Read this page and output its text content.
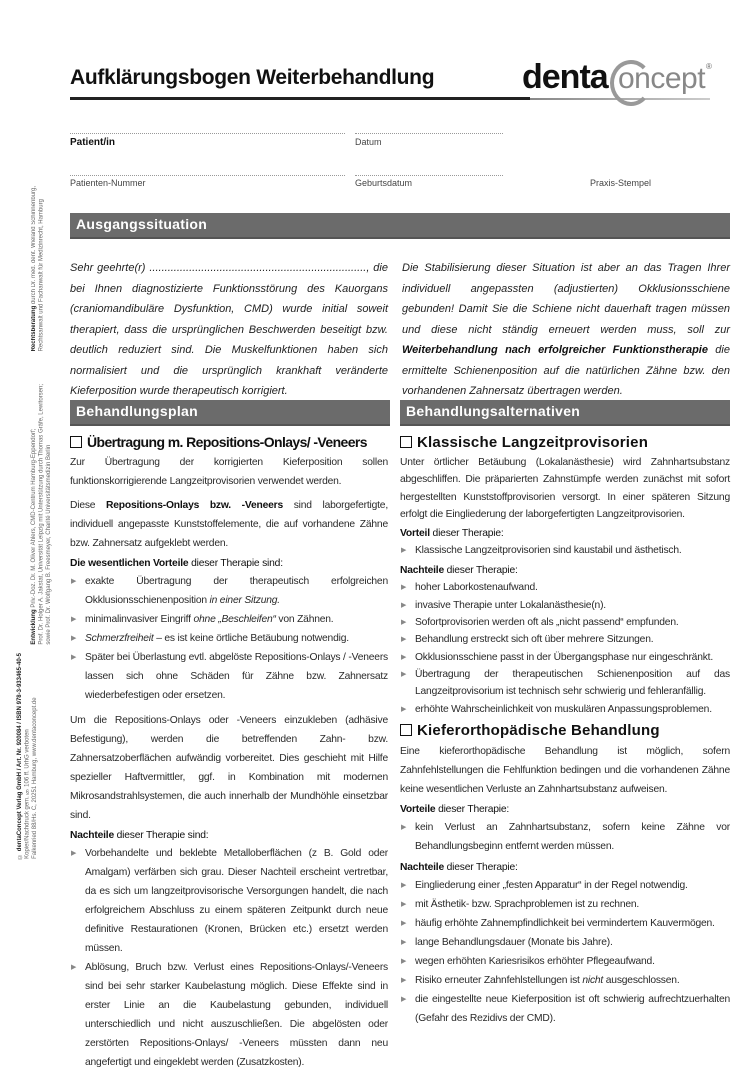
Aufklärungsbogen Weiterbehandlung	denta oncept ®
Patient/in	Datum
Patienten-Nummer	Geburtsdatum	Praxis-Stempel
Rechtsberatung durch Dr. med. dent. Wieland Schinnenburg, Rechtsanwalt und Fachanwalt für Medizinrecht, Hamburg
Entwicklung Priv.-Doz. Dr. M. Oliver Ahlers, CMD-Centrum Hamburg-Eppendorf; Prof. Dr. Holger A. Jakstat, Universität Leipzig mit Unterstützung durch Thomas Gräfe, Lewitorsen; sowie Prof. Dr. Wolfgang B. Freesmeyer, Charité Universitätsmedizin Berlin
© dentaConcept Verlag GmbH / Art. Nr. 920084 / ISBN 978-3-933465-40-5 Kopier/Nachdruck gem. § 106 ff. UrhG verboten Falkenried 88/Hs. C, 20251 Hamburg, www.dentaconcept.de
Ausgangssituation
Sehr geehrte(r) ......................................................................., die bei Ihnen diagnostizierte Funktionsstörung des Kauorgans (craniomandibuläre Dysfunktion, CMD) wurde initial soweit therapiert, dass die ursprünglichen Beschwerden beseitigt bzw. deutlich reduziert sind. Die Muskelfunktionen haben sich normalisiert und die ursprünglich krankhaft veränderte Kieferposition wurde therapeutisch korrigiert.
Die Stabilisierung dieser Situation ist aber an das Tragen Ihrer individuell angepassten (adjustierten) Okklusionsschiene gebunden! Damit Sie die Schiene nicht dauerhaft tragen müssen und diese nicht ständig erneuert werden muss, soll zur Weiterbehandlung nach erfolgreicher Funktionstherapie die ermittelte Schienenposition auf die natürlichen Zähne bzw. den vorhandenen Zahnersatz übertragen werden.
Behandlungsplan
Übertragung m. Repositions-Onlays/ -Veneers

Zur Übertragung der korrigierten Kieferposition sollen funktionskorrigierende Langzeitprovisorien verwendet werden.

Diese Repositions-Onlays bzw. -Veneers sind laborgefertigte, individuell angepasste Kunststoffelemente, die auf vorhandene Zähne bzw. Zahnersatz aufgeklebt werden.

Die wesentlichen Vorteile dieser Therapie sind:
▶ exakte Übertragung der therapeutisch erfolgreichen Okklusionsschienenposition in einer Sitzung.
▶ minimalinvasiver Eingriff ohne „Beschleifen“ von Zähnen.
▶ Schmerzfreiheit – es ist keine örtliche Betäubung notwendig.
▶ Später bei Überlastung evtl. abgelöste Repositions-Onlays / -Veneers lassen sich ohne Schäden für Zähne bzw. Zahnersatz wiederbefestigen oder ersetzen.

Um die Repositions-Onlays oder -Veneers einzukleben (adhäsive Befestigung), werden die betreffenden Zahn- bzw. Zahnersatzoberflächen aufwändig vorbereitet. Dies geschieht mit Hilfe spezieller Haftvermittler, ggf. in Kombination mit modernen Mikrosandstrahlsystemen, die auch innerhalb der Mundhöhle einsetzbar sind.

Nachteile dieser Therapie sind:
▶ Vorbehandelte und beklebte Metalloberflächen (z B. Gold oder Amalgam) verfärben sich grau. Dieser Nachteil erscheint vertretbar, da es sich um langzeitprovisorische Versorgungen handelt, die nach erfolgreichem Abschluss zu einem späteren Zeitpunkt durch neue definitive Restaurationen (Kronen, Brücken etc.) ersetzt werden müssen.
▶ Ablösung, Bruch bzw. Verlust eines Repositions-Onlays/-Veneers sind bei sehr starker Kaubelastung möglich. Diese Effekte sind in erster Linie an die Kaubelastung gebunden, individuell unterschiedlich und nicht auszuschließen. Die abgelösten oder zerstörten Repositions-Onlays/ -Veneers müssten dann neu angefertigt und eingeklebt werden (Zusatzkosten).
Behandlungsalternativen
Klassische Langzeitprovisorien

Unter örtlicher Betäubung (Lokalanästhesie) wird Zahnhartsubstanz abgeschliffen. Die präparierten Zahnstümpfe werden zunächst mit sofort hergestellten Kunststoffprovisorien versorgt. In einer späteren Sitzung erfolgt die Eingliederung der laborgefertigten Langzeitprovisorien.

Vorteil dieser Therapie:
▶ Klassische Langzeitprovisorien sind kaustabil und ästhetisch.
Nachteile dieser Therapie:
▶ hoher Laborkostenaufwand.
▶ invasive Therapie unter Lokalanästhesie(n).
▶ Sofortprovisorien werden oft als „nicht passend“ empfunden.
▶ Behandlung erstreckt sich oft über mehrere Sitzungen.
▶ Okklusionsschiene passt in der Übergangsphase nur eingeschränkt.
▶ Übertragung der therapeutischen Schienenposition auf das Langzeitprovisorium ist technisch sehr schwierig und fehleranfällig.
▶ erhöhte Wahrscheinlichkeit von muskulären Anpassungsproblemen.
Kieferorthopädische Behandlung

Eine kieferorthopädische Behandlung ist möglich, sofern Zahnfehlstellungen die Fehlfunktion bedingen und die vorhandenen Zähne keine wesentlichen Verluste an Zahnhartsubstanz aufweisen.

Vorteile dieser Therapie:
▶ kein Verlust an Zahnhartsubstanz, sofern keine Zähne vor Behandlungsbeginn entfernt werden müssen.
Nachteile dieser Therapie:
▶ Eingliederung einer „festen Apparatur“ in der Regel notwendig.
▶ mit Ästhetik- bzw. Sprachproblemen ist zu rechnen.
▶ häufig erhöhte Zahnempfindlichkeit bei vermindertem Kauvermögen.
▶ lange Behandlungsdauer (Monate bis Jahre).
▶ wegen erhöhten Kariesrisikos erhöhter Pflegeaufwand.
▶ Risiko erneuter Zahnfehlstellungen ist nicht ausgeschlossen.
▶ die eingestellte neue Kieferposition ist oft schwierig aufrechtzuerhalten (Gefahr des Rezidivs der CMD).
